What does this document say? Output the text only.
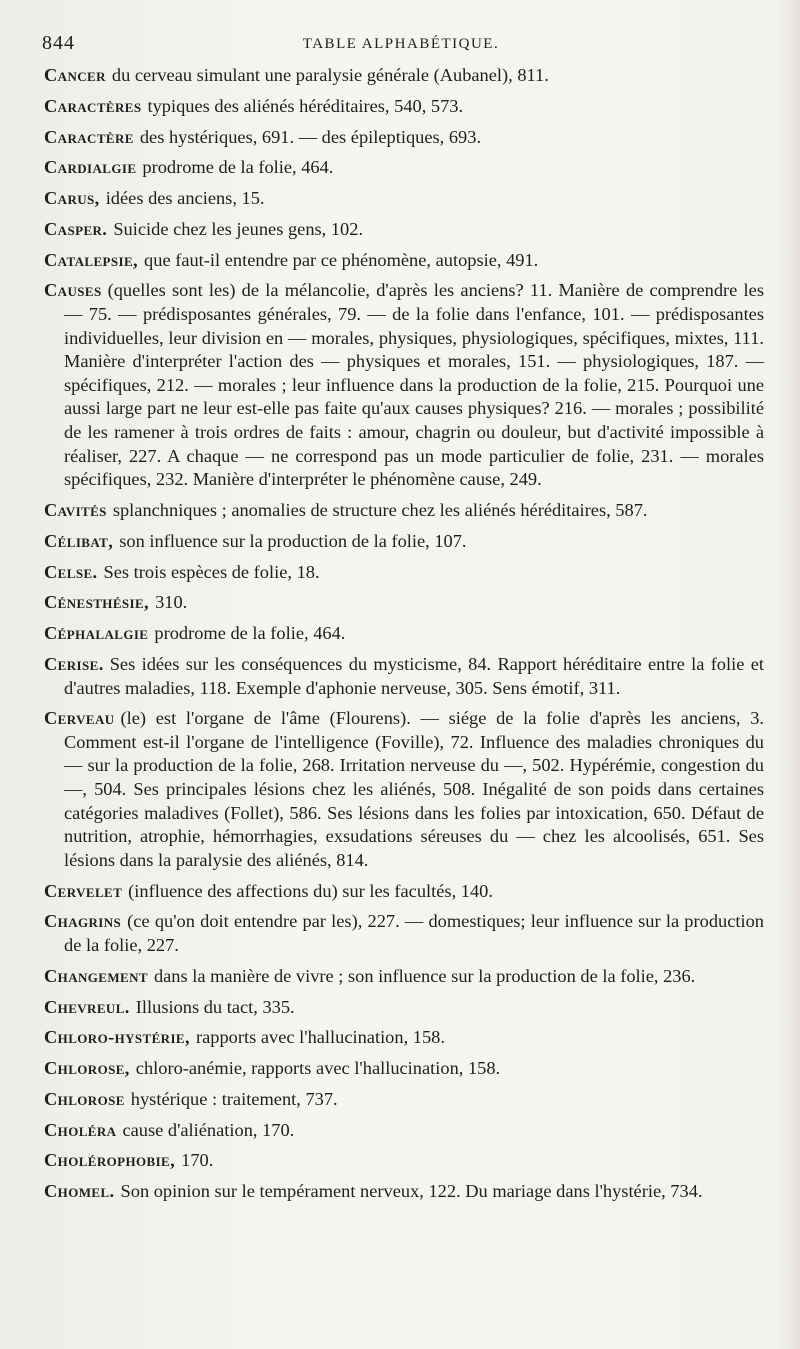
844	TABLE ALPHABÉTIQUE.

Cancer du cerveau simulant une paralysie générale (Aubanel), 811.

Caractères typiques des aliénés héréditaires, 540, 573.

Caractère des hystériques, 691. — des épileptiques, 693.

Cardialgie prodrome de la folie, 464.

Carus, idées des anciens, 15.

Casper. Suicide chez les jeunes gens, 102.

Catalepsie, que faut-il entendre par ce phénomène, autopsie, 491.

Causes (quelles sont les) de la mélancolie, d'après les anciens? 11. Manière de comprendre les — 75. — prédisposantes générales, 79. — de la folie dans l'enfance, 101. — prédisposantes individuelles, leur division en — morales, physiques, physiologiques, spécifiques, mixtes, 111. Manière d'interpréter l'action des — physiques et morales, 151. — physiologiques, 187. — spécifiques, 212. — morales ; leur influence dans la production de la folie, 215. Pourquoi une aussi large part ne leur est-elle pas faite qu'aux causes physiques? 216. — morales ; possibilité de les ramener à trois ordres de faits : amour, chagrin ou douleur, but d'activité impossible à réaliser, 227. A chaque — ne correspond pas un mode particulier de folie, 231. — morales spécifiques, 232. Manière d'interpréter le phénomène cause, 249.

Cavités splanchniques ; anomalies de structure chez les aliénés héréditaires, 587.

Célibat, son influence sur la production de la folie, 107.

Celse. Ses trois espèces de folie, 18.

Cénesthésie, 310.

Céphalalgie prodrome de la folie, 464.

Cerise. Ses idées sur les conséquences du mysticisme, 84. Rapport héréditaire entre la folie et d'autres maladies, 118. Exemple d'aphonie nerveuse, 305. Sens émotif, 311.

Cerveau (le) est l'organe de l'âme (Flourens). — siége de la folie d'après les anciens, 3. Comment est-il l'organe de l'intelligence (Foville), 72. Influence des maladies chroniques du — sur la production de la folie, 268. Irritation nerveuse du —, 502. Hypérémie, congestion du —, 504. Ses principales lésions chez les aliénés, 508. Inégalité de son poids dans certaines catégories maladives (Follet), 586. Ses lésions dans les folies par intoxication, 650. Défaut de nutrition, atrophie, hémorrhagies, exsudations séreuses du — chez les alcoolisés, 651. Ses lésions dans la paralysie des aliénés, 814.

Cervelet (influence des affections du) sur les facultés, 140.

Chagrins (ce qu'on doit entendre par les), 227. — domestiques; leur influence sur la production de la folie, 227.

Changement dans la manière de vivre ; son influence sur la production de la folie, 236.

Chevreul. Illusions du tact, 335.

Chloro-hystérie, rapports avec l'hallucination, 158.

Chlorose, chloro-anémie, rapports avec l'hallucination, 158.

Chlorose hystérique : traitement, 737.

Choléra cause d'aliénation, 170.

Cholérophobie, 170.

Chomel. Son opinion sur le tempérament nerveux, 122. Du mariage dans l'hystérie, 734.
